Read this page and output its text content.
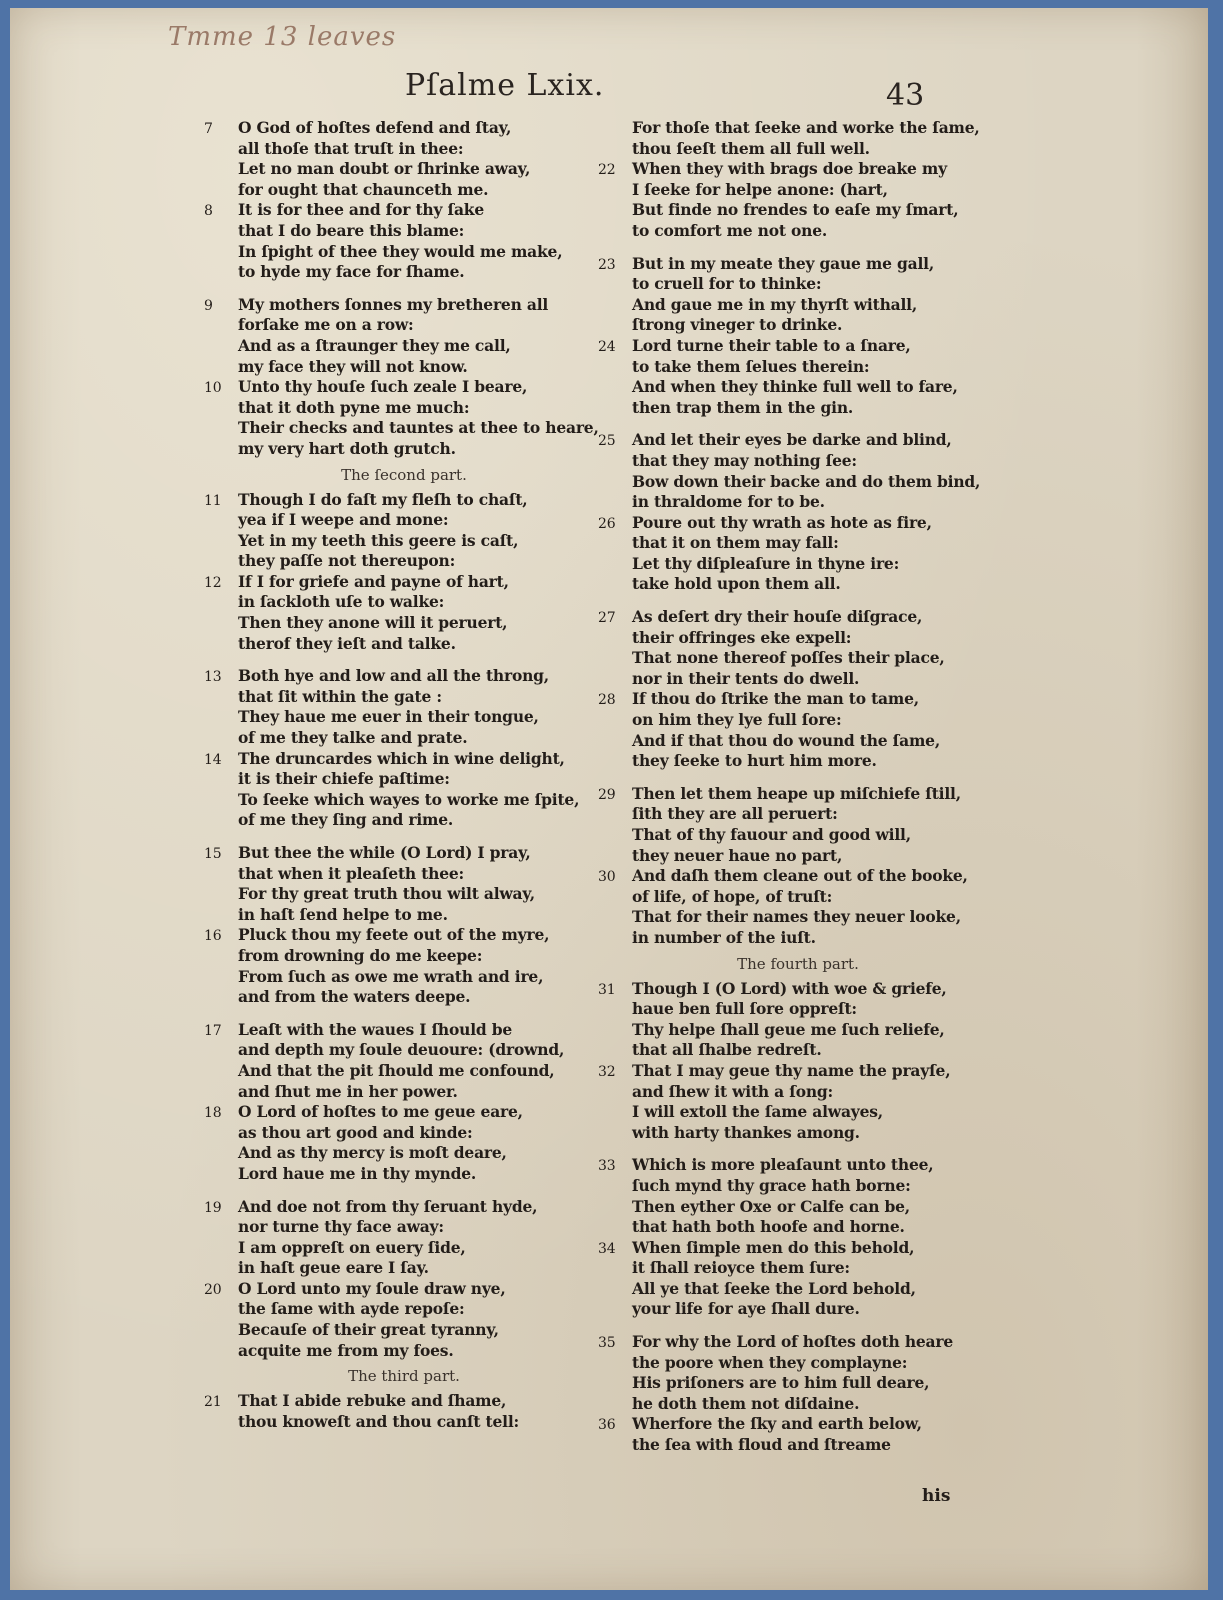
Tmme 13 leaves
Pſalme Lxix.	43
7 O God of hoſtes defend and ſtay,
all thoſe that truſt in thee:
Let no man doubt or ſhrinke away,
for ought that chaunceth me.
8 It is for thee and for thy ſake
that I do beare this blame:
In ſpight of thee they would me make,
to hyde my face for ſhame.
9 My mothers ſonnes my bretheren all
forſake me on a row:
And as a ſtraunger they me call,
my face they will not know.
10 Unto thy houſe ſuch zeale I beare,
that it doth pyne me much:
Their checks and tauntes at thee to heare,
my very hart doth grutch.
The ſecond part.
11 Though I do faſt my fleſh to chaſt,
yea if I weepe and mone:
Yet in my teeth this geere is caſt,
they paſſe not thereupon:
12 If I for griefe and payne of hart,
in ſackloth uſe to walke:
Then they anone will it peruert,
therof they ieſt and talke.
13 Both hye and low and all the throng,
that ſit within the gate :
They haue me euer in their tongue,
of me they talke and prate.
14 The druncardes which in wine delight,
it is their chiefe paſtime:
To ſeeke which wayes to worke me ſpite,
of me they ſing and rime.
15 But thee the while (O Lord) I pray,
that when it pleaſeth thee:
For thy great truth thou wilt alway,
in haſt ſend helpe to me.
16 Pluck thou my feete out of the myre,
from drowning do me keepe:
From ſuch as owe me wrath and ire,
and from the waters deepe.
17 Leaſt with the waues I ſhould be
and depth my ſoule deuoure: (drownd,
And that the pit ſhould me confound,
and ſhut me in her power.
18 O Lord of hoſtes to me geue eare,
as thou art good and kinde:
And as thy mercy is moſt deare,
Lord haue me in thy mynde.
19 And doe not from thy ſeruant hyde,
nor turne thy face away:
I am oppreſt on euery ſide,
in haſt geue eare I ſay.
20 O Lord unto my ſoule draw nye,
the ſame with ayde repoſe:
Becauſe of their great tyranny,
acquite me from my foes.
The third part.
21 That I abide rebuke and ſhame,
thou knoweſt and thou canſt tell:
For thoſe that ſeeke and worke the ſame,
thou ſeeſt them all full well.
22 When they with brags doe breake my
I ſeeke for helpe anone: (hart,
But finde no frendes to eaſe my ſmart,
to comfort me not one.
23 But in my meate they gaue me gall,
to cruell for to thinke:
And gaue me in my thyrſt withall,
ſtrong vineger to drinke.
24 Lord turne their table to a ſnare,
to take them ſelues therein:
And when they thinke full well to fare,
then trap them in the gin.
25 And let their eyes be darke and blind,
that they may nothing ſee:
Bow down their backe and do them bind,
in thraldome for to be.
26 Poure out thy wrath as hote as fire,
that it on them may fall:
Let thy diſpleaſure in thyne ire:
take hold upon them all.
27 As deſert dry their houſe diſgrace,
their offringes eke expell:
That none thereof poſſes their place,
nor in their tents do dwell.
28 If thou do ſtrike the man to tame,
on him they lye full ſore:
And if that thou do wound the ſame,
they ſeeke to hurt him more.
29 Then let them heape up miſchiefe ſtill,
ſith they are all peruert:
That of thy fauour and good will,
they neuer haue no part,
30 And daſh them cleane out of the booke,
of life, of hope, of truſt:
That for their names they neuer looke,
in number of the iuſt.
The fourth part.
31 Though I (O Lord) with woe & griefe,
haue ben full ſore oppreſt:
Thy helpe ſhall geue me ſuch reliefe,
that all ſhalbe redreſt.
32 That I may geue thy name the prayſe,
and ſhew it with a ſong:
I will extoll the ſame alwayes,
with harty thankes among.
33 Which is more pleaſaunt unto thee,
ſuch mynd thy grace hath borne:
Then eyther Oxe or Calfe can be,
that hath both hoofe and horne.
34 When ſimple men do this behold,
it ſhall reioyce them ſure:
All ye that ſeeke the Lord behold,
your life for aye ſhall dure.
35 For why the Lord of hoſtes doth heare
the poore when they complayne:
His priſoners are to him full deare,
he doth them not diſdaine.
36 Wherfore the ſky and earth below,
the ſea with floud and ſtreame
his
